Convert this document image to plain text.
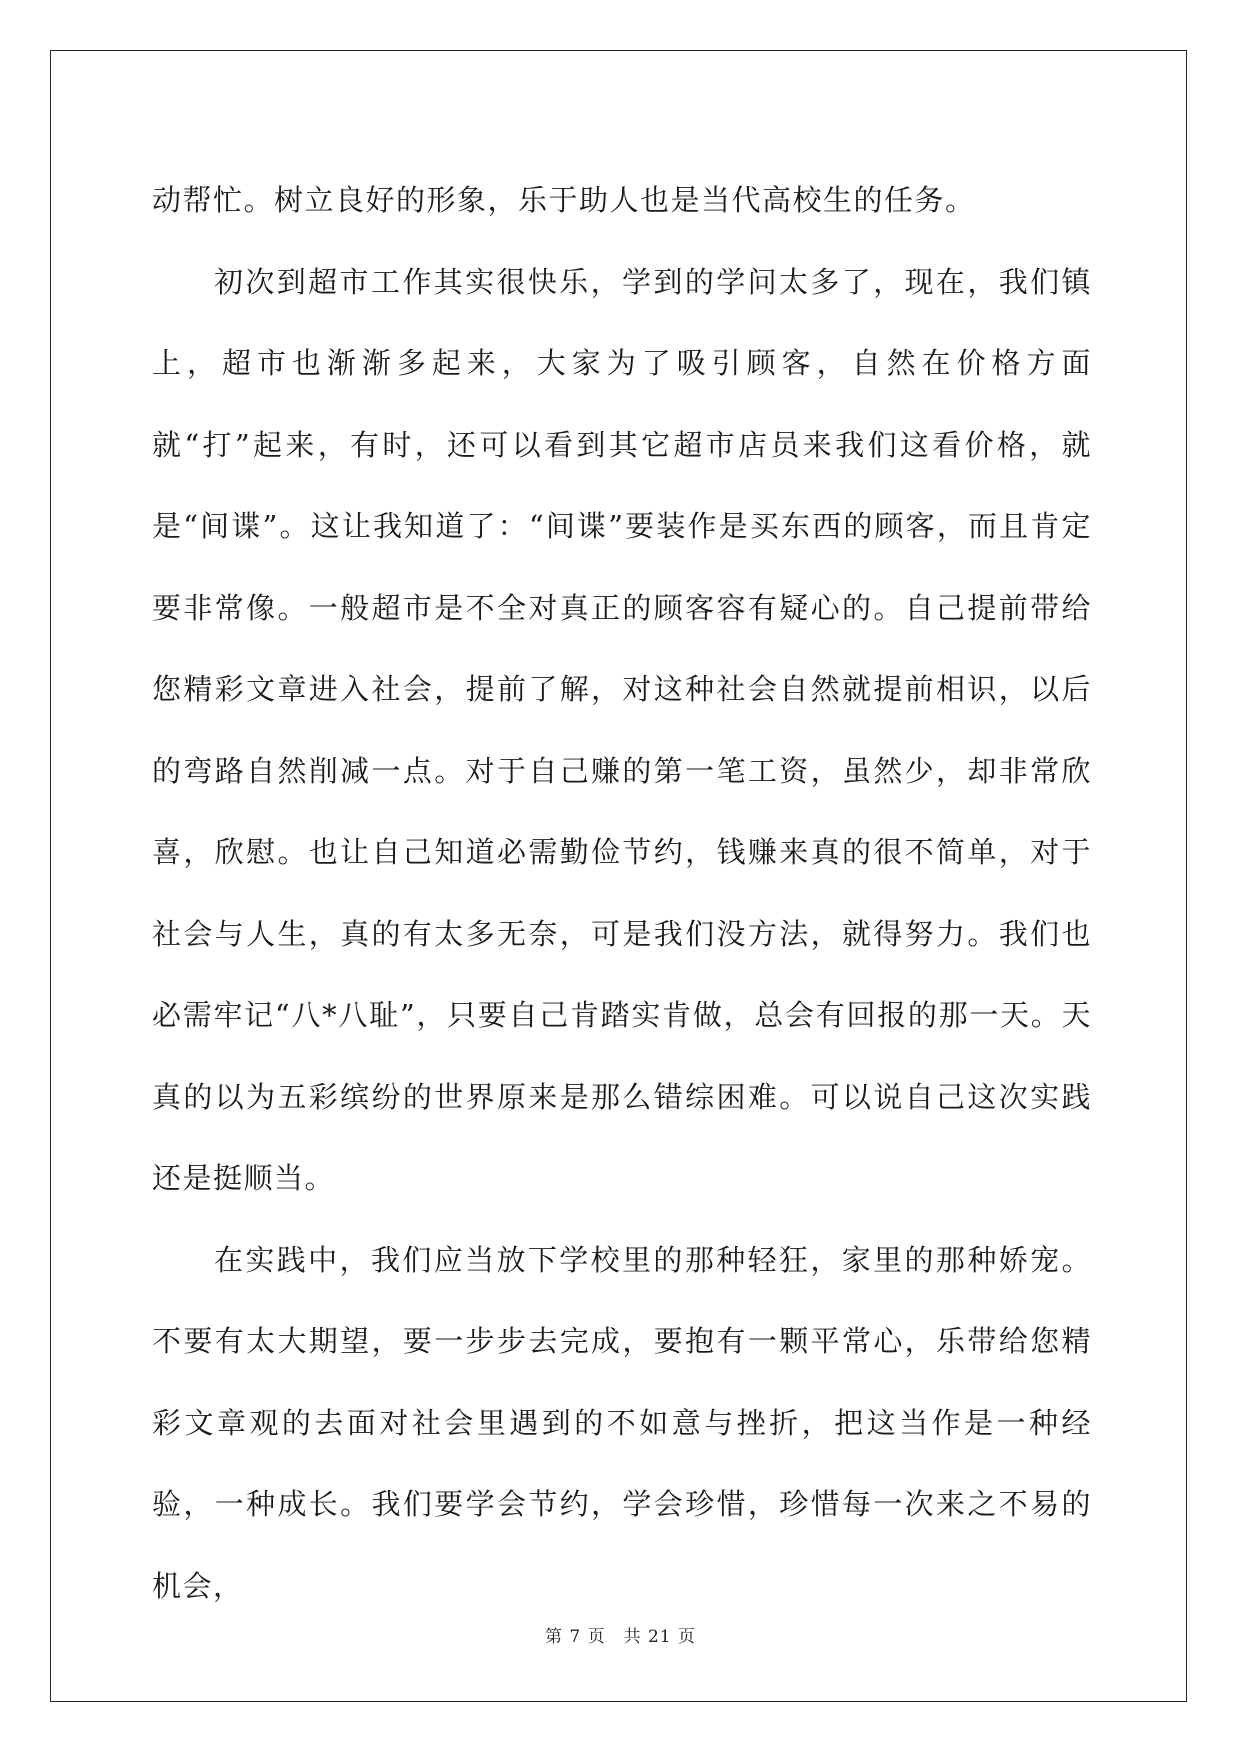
动帮忙。树立良好的形象，乐于助人也是当代高校生的任务。

初次到超市工作其实很快乐，学到的学问太多了，现在，我们镇上，超市也渐渐多起来，大家为了吸引顾客，自然在价格方面就“打”起来，有时，还可以看到其它超市店员来我们这看价格，就是“间谍”。这让我知道了：“间谍”要装作是买东西的顾客，而且肯定要非常像。一般超市是不全对真正的顾客容有疑心的。自己提前带给您精彩文章进入社会，提前了解，对这种社会自然就提前相识，以后的弯路自然削减一点。对于自己赚的第一笔工资，虽然少，却非常欣喜，欣慰。也让自己知道必需勤俭节约，钱赚来真的很不简单，对于社会与人生，真的有太多无奈，可是我们没方法，就得努力。我们也必需牢记“八*八耻”，只要自己肯踏实肯做，总会有回报的那一天。天真的以为五彩缤纷的世界原来是那么错综困难。可以说自己这次实践还是挺顺当。

在实践中，我们应当放下学校里的那种轻狂，家里的那种娇宠。不要有太大期望，要一步步去完成，要抱有一颗平常心，乐带给您精彩文章观的去面对社会里遇到的不如意与挫折，把这当作是一种经验，一种成长。我们要学会节约，学会珍惜，珍惜每一次来之不易的机会，

第 7 页　共 21 页
